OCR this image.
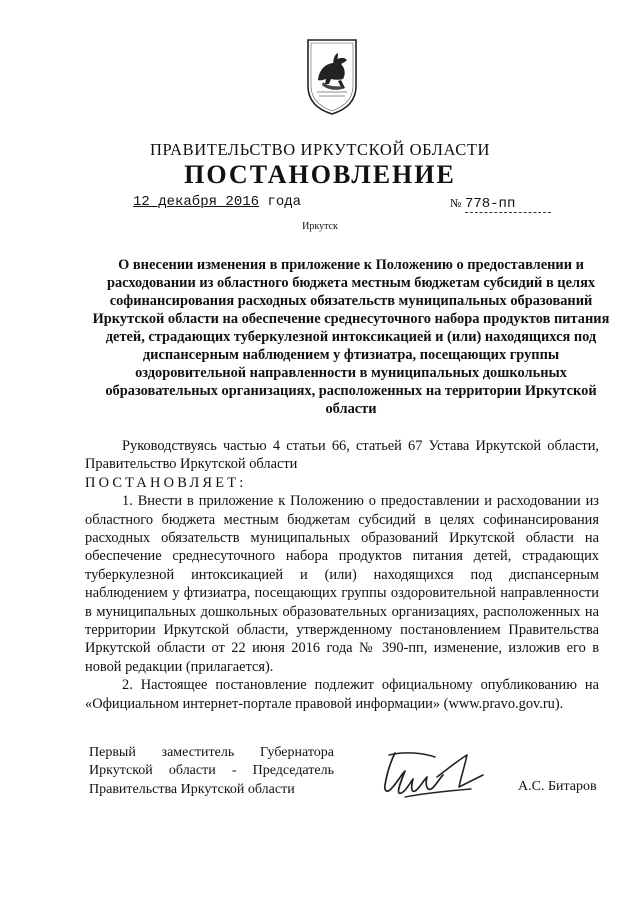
ПРАВИТЕЛЬСТВО ИРКУТСКОЙ ОБЛАСТИ
ПОСТАНОВЛЕНИЕ
12 декабря 2016 года	№ 778-пп
Иркутск
О внесении изменения в приложение к Положению о предоставлении и расходовании из областного бюджета местным бюджетам субсидий в целях софинансирования расходных обязательств муниципальных образований Иркутской области на обеспечение среднесуточного набора продуктов питания детей, страдающих туберкулезной интоксикацией и (или) находящихся под диспансерным наблюдением у фтизиатра, посещающих группы оздоровительной направленности в муниципальных дошкольных образовательных организациях, расположенных на территории Иркутской области

Руководствуясь частью 4 статьи 66, статьей 67 Устава Иркутской области, Правительство Иркутской области

ПОСТАНОВЛЯЕТ:

1. Внести в приложение к Положению о предоставлении и расходовании из областного бюджета местным бюджетам субсидий в целях софинансирования расходных обязательств муниципальных образований Иркутской области на обеспечение среднесуточного набора продуктов питания детей, страдающих туберкулезной интоксикацией и (или) находящихся под диспансерным наблюдением у фтизиатра, посещающих группы оздоровительной направленности в муниципальных дошкольных образовательных организациях, расположенных на территории Иркутской области, утвержденному постановлением Правительства Иркутской области от 22 июня 2016 года № 390-пп, изменение, изложив его в новой редакции (прилагается).

2. Настоящее постановление подлежит официальному опубликованию на «Официальном интернет-портале правовой информации» (www.pravo.gov.ru).

Первый заместитель Губернатора
Иркутской области - Председатель
Правительства Иркутской области	А.С. Битаров
